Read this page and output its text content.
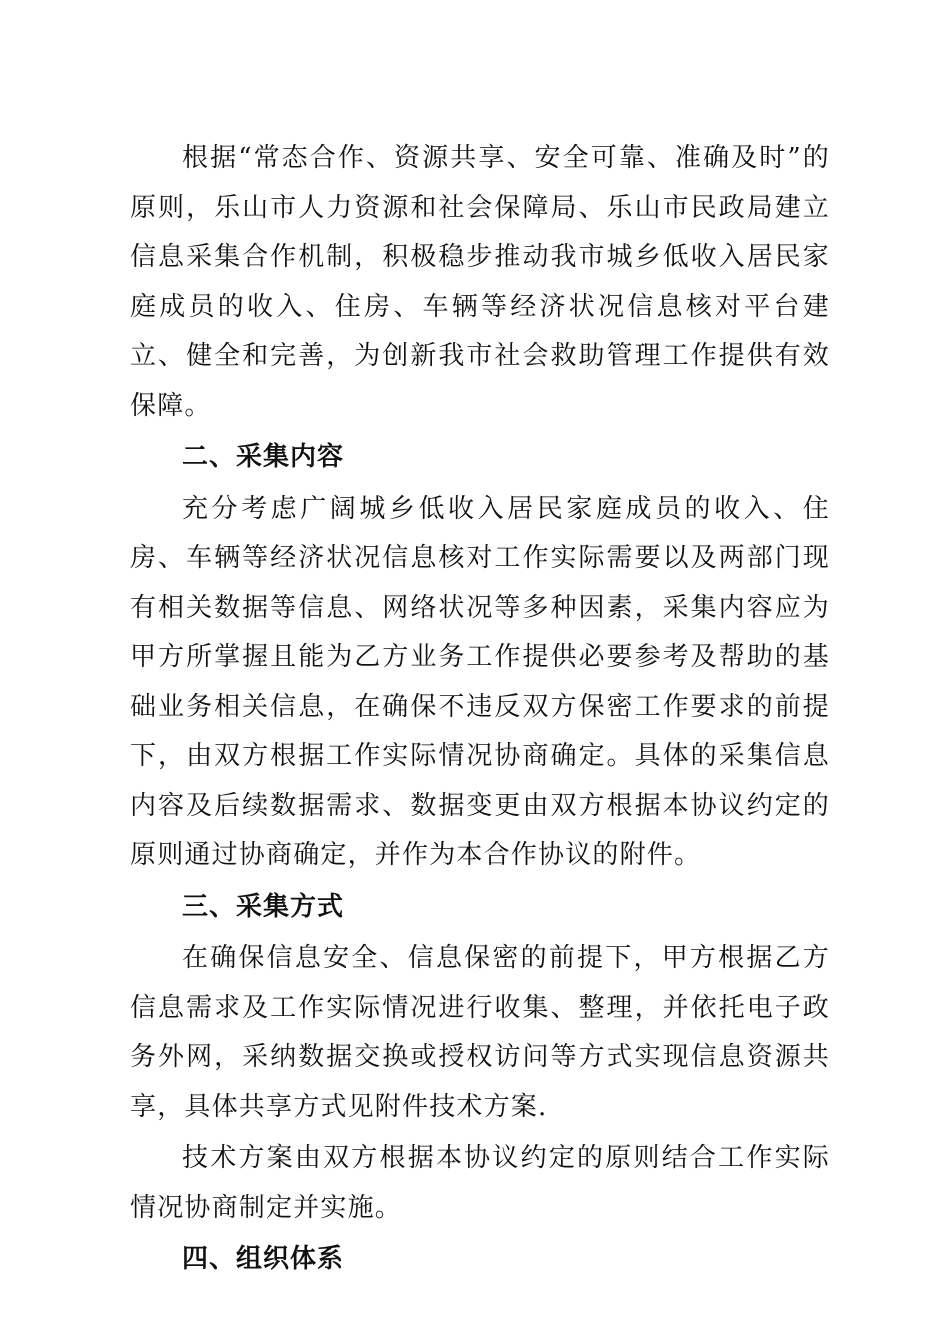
根据“常态合作、资源共享、安全可靠、准确及时”的原则，乐山市人力资源和社会保障局、乐山市民政局建立信息采集合作机制，积极稳步推动我市城乡低收入居民家庭成员的收入、住房、车辆等经济状况信息核对平台建立、健全和完善，为创新我市社会救助管理工作提供有效保障。

二、采集内容

充分考虑广阔城乡低收入居民家庭成员的收入、住房、车辆等经济状况信息核对工作实际需要以及两部门现有相关数据等信息、网络状况等多种因素，采集内容应为甲方所掌握且能为乙方业务工作提供必要参考及帮助的基础业务相关信息，在确保不违反双方保密工作要求的前提下，由双方根据工作实际情况协商确定。具体的采集信息内容及后续数据需求、数据变更由双方根据本协议约定的原则通过协商确定，并作为本合作协议的附件。

三、采集方式

在确保信息安全、信息保密的前提下，甲方根据乙方信息需求及工作实际情况进行收集、整理，并依托电子政务外网，采纳数据交换或授权访问等方式实现信息资源共享，具体共享方式见附件技术方案.

技术方案由双方根据本协议约定的原则结合工作实际情况协商制定并实施。

四、组织体系
